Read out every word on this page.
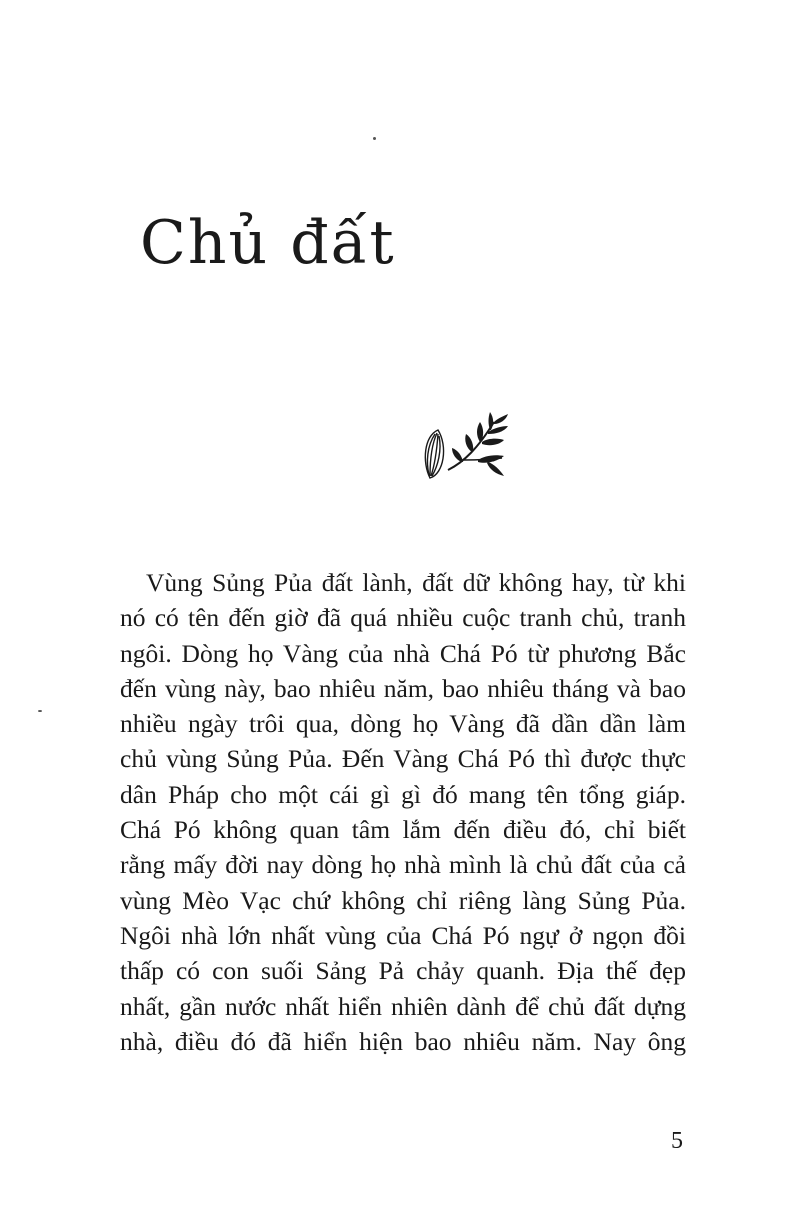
Chủ đất
Vùng Sủng Pủa đất lành, đất dữ không hay, từ khi
nó có tên đến giờ đã quá nhiều cuộc tranh chủ, tranh
ngôi. Dòng họ Vàng của nhà Chá Pó từ phương Bắc
đến vùng này, bao nhiêu năm, bao nhiêu tháng và bao
nhiều ngày trôi qua, dòng họ Vàng đã dần dần làm
chủ vùng Sủng Pủa. Đến Vàng Chá Pó thì được thực
dân Pháp cho một cái gì gì đó mang tên tổng giáp.
Chá Pó không quan tâm lắm đến điều đó, chỉ biết
rằng mấy đời nay dòng họ nhà mình là chủ đất của cả
vùng Mèo Vạc chứ không chỉ riêng làng Sủng Pủa.
Ngôi nhà lớn nhất vùng của Chá Pó ngự ở ngọn đồi
thấp có con suối Sảng Pả chảy quanh. Địa thế đẹp
nhất, gần nước nhất hiển nhiên dành để chủ đất dựng
nhà, điều đó đã hiển hiện bao nhiêu năm. Nay ông
5
